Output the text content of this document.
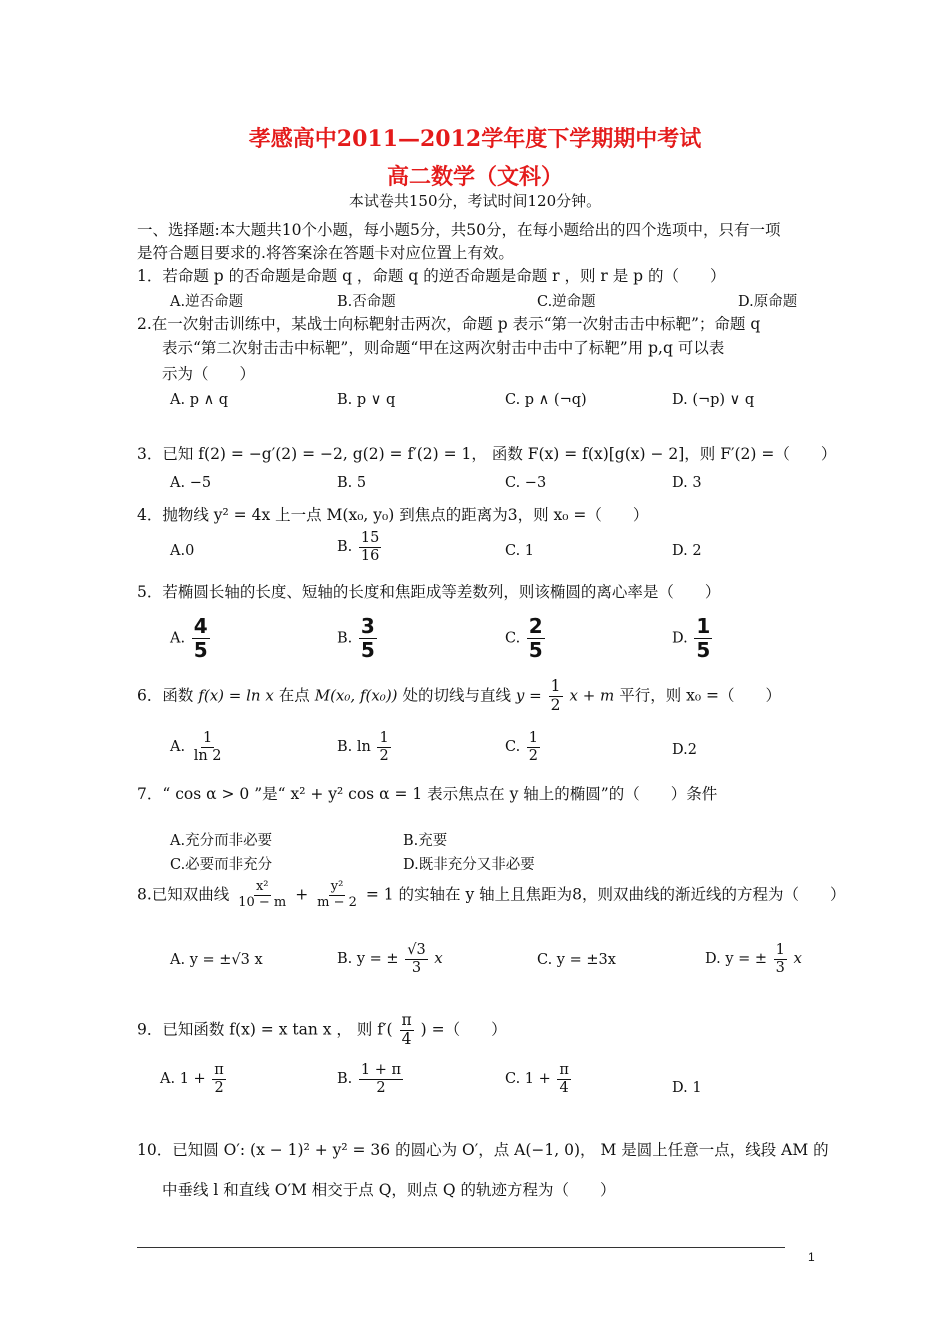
孝感高中2011—2012学年度下学期期中考试
高二数学（文科）
本试卷共150分，考试时间120分钟。
一、选择题:本大题共10个小题，每小题5分，共50分，在每小题给出的四个选项中，只有一项
是符合题目要求的.将答案涂在答题卡对应位置上有效。
1．若命题 p 的否命题是命题 q ，命题 q 的逆否命题是命题 r ，则 r 是 p 的（　　）
A.逆否命题	B.否命题	C.逆命题	D.原命题
2.在一次射击训练中，某战士向标靶射击两次，命题 p 表示“第一次射击击中标靶”；命题 q
表示“第二次射击击中标靶”，则命题“甲在这两次射击中击中了标靶”用 p,q 可以表
示为（　　）
A. p ∧ q	B. p ∨ q	C. p ∧ (¬q)	D. (¬p) ∨ q
3．已知 f(2) = −g′(2) = −2, g(2) = f′(2) = 1， 函数 F(x) = f(x)[g(x) − 2]，则 F′(2) =（　　）
A. −5	B. 5	C. −3	D. 3
4．抛物线 y² = 4x 上一点 M(x₀, y₀) 到焦点的距离为3，则 x₀ =（　　）
A.0	B. $\frac{15}{16}$	C. 1	D. 2
5．若椭圆长轴的长度、短轴的长度和焦距成等差数列，则该椭圆的离心率是（　　）
A. $\frac{4}{5}$	B. $\frac{3}{5}$	C. $\frac{2}{5}$	D. $\frac{1}{5}$
6．函数 f(x) = ln x 在点 M(x₀, f(x₀)) 处的切线与直线 $y = \frac{1}{2}$ x + m 平行，则 x₀ =（　　）
A. $\frac{1}{\ln 2}$	B. $\ln \frac{1}{2}$	C. $\frac{1}{2}$	D.2
7．“ cos α > 0 ”是“ x² + y² cos α = 1 表示焦点在 y 轴上的椭圆”的（　　）条件
A.充分而非必要	B.充要
C.必要而非充分	D.既非充分又非必要
8.已知双曲线 $\frac{\text{x²}}{10 - m} + \frac{\text{y²}}{m - 2} = 1$ 的实轴在 y 轴上且焦距为8，则双曲线的渐近线的方程为（　　）
A. y = ±√3 x	B. y = ± $\frac{√3}{3}$ x	C. y = ±3x	D. y = ± $\frac{1}{3}$ x
9．已知函数 f(x) = x tan x ， 则 $f'( \frac{\pi}{4}$ ) =（　　）
A. $1 + \frac{\pi}{2}$	B. $\frac{1 + \pi}{2}$	C. $1 + \frac{\pi}{4}$	D. 1
10．已知圆 O′: (x − 1)² + y² = 36 的圆心为 O′，点 A(−1, 0)， M 是圆上任意一点，线段 AM 的
中垂线 l 和直线 O′M 相交于点 Q，则点 Q 的轨迹方程为（　　）
1
